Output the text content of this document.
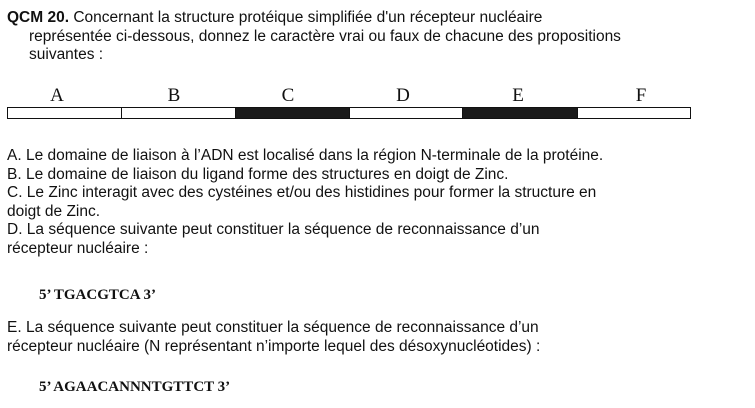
QCM 20. Concernant la structure protéique simplifiée d'un récepteur nucléaire
représentée ci-dessous, donnez le caractère vrai ou faux de chacune des propositions
suivantes :
A	B	C	D	E	F
A. Le domaine de liaison à l’ADN est localisé dans la région N-terminale de la protéine.
B. Le domaine de liaison du ligand forme des structures en doigt de Zinc.
C. Le Zinc interagit avec des cystéines et/ou des histidines pour former la structure en
doigt de Zinc.
D. La séquence suivante peut constituer la séquence de reconnaissance d’un
récepteur nucléaire :
5’ TGACGTCA 3’
E. La séquence suivante peut constituer la séquence de reconnaissance d’un
récepteur nucléaire (N représentant n’importe lequel des désoxynucléotides) :
5’ AGAACANNNTGTTCT 3’
